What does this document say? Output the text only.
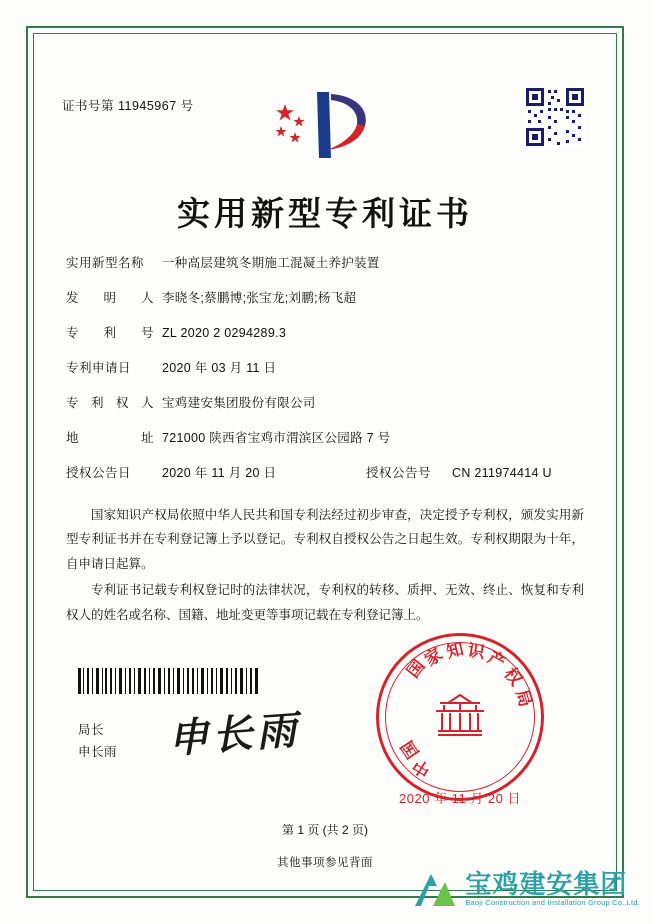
证书号第 11945967 号
实用新型专利证书
实用新型名称	一种高层建筑冬期施工混凝土养护装置
发 明 人 李晓冬;蔡鹏博;张宝龙;刘鹏;杨飞超
专 利 号 ZL 2020 2 0294289.3
专利申请日	2020 年 03 月 11 日
专 利 权 人 宝鸡建安集团股份有限公司
地	址 721000 陕西省宝鸡市渭滨区公园路 7 号
授权公告日	2020 年 11 月 20 日	授权公告号	CN 211974414 U

国家知识产权局依照中华人民共和国专利法经过初步审查，决定授予专利权，颁发实用新型专利证书并在专利登记簿上予以登记。专利权自授权公告之日起生效。专利权期限为十年，自申请日起算。

专利证书记载专利权登记时的法律状况，专利权的转移、质押、无效、终止、恢复和专利权人的姓名或名称、国籍、地址变更等事项记载在专利登记簿上。

局长
申长雨 申长雨
国
家
知 识
产
权
局
国
中
2020 年 11 月 20 日
第 1 页 (共 2 页)
其他事项参见背面
宝鸡建安集团
Baoji Construction and Installation Group Co.,Ltd.
